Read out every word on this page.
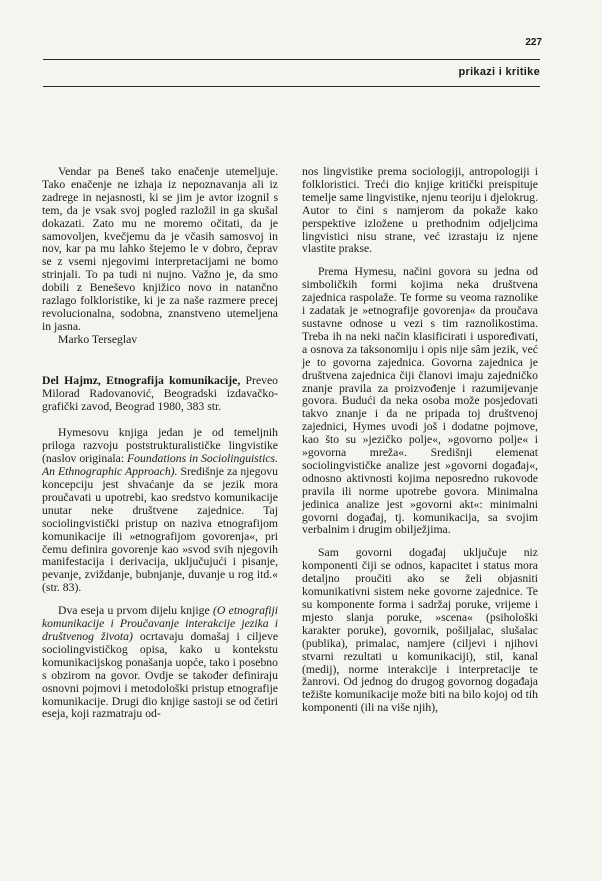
227
prikazi i kritike

Vendar pa Beneš tako enačenje utemeljuje. Tako enačenje ne izhaja iz nepoznavanja ali iz zadrege in nejasnosti, ki se jim je avtor izognil s tem, da je vsak svoj pogled razložil in ga skušal dokazati. Zato mu ne moremo očitati, da je samovoljen, kvečjemu da je včasih samosvoj in nov, kar pa mu lahko štejemo le v dobro, čeprav se z vsemi njegovimi interpretacijami ne bomo strinjali. To pa tudi ni nujno. Važno je, da smo dobili z Beneševo knjižico novo in natančno razlago folkloristike, ki je za naše razmere precej revolucionalna, sodobna, znanstveno utemeljena in jasna.

Marko Terseglav

Del Hajmz, Etnografija komunikacije, Preveo Milorad Radovanović, Beogradski izdavačko-grafički zavod, Beograd 1980, 383 str.

Hymesovu knjiga jedan je od temeljnih priloga razvoju poststrukturalističke lingvistike (naslov originala: Foundations in Sociolinguistics. An Ethnographic Approach). Središnje za njegovu koncepciju jest shvaćanje da se jezik mora proučavati u upotrebi, kao sredstvo komunikacije unutar neke društvene zajednice. Taj sociolingvistički pristup on naziva etnografijom komunikacije ili »etnografijom govorenja«, pri čemu definira govorenje kao »svod svih njegovih manifestacija i derivacija, uključujući i pisanje, pevanje, zviždanje, bubnjanje, duvanje u rog itd.« (str. 83).

Dva eseja u prvom dijelu knjige (O etnografiji komunikacije i Proučavanje interakcije jezika i društvenog života) ocrtavaju domašaj i ciljeve sociolingvističkog opisa, kako u kontekstu komunikacijskog ponašanja uopće, tako i posebno s obzirom na govor. Ovdje se također definiraju osnovni pojmovi i metodološki pristup etnografije komunikacije. Drugi dio knjige sastoji se od četiri eseja, koji razmatraju od-

nos lingvistike prema sociologiji, antropologiji i folkloristici. Treći dio knjige kritički preispituje temelje same lingvistike, njenu teoriju i djelokrug. Autor to čini s namjerom da pokaže kako perspektive izložene u prethodnim odjeljcima lingvistici nisu strane, već izrastaju iz njene vlastite prakse.

Prema Hymesu, načini govora su jedna od simboličkih formi kojima neka društvena zajednica raspolaže. Te forme su veoma raznolike i zadatak je »etnografije govorenja« da proučava sustavne odnose u vezi s tim raznolikostima. Treba ih na neki način klasificirati i uspoređivati, a osnova za taksonomiju i opis nije sâm jezik, već je to govorna zajednica. Govorna zajednica je društvena zajednica čiji članovi imaju zajedničko znanje pravila za proizvođenje i razumijevanje govora. Budući da neka osoba može posjedovati takvo znanje i da ne pripada toj društvenoj zajednici, Hymes uvodi još i dodatne pojmove, kao što su »jezičko polje«, »govorno polje« i »govorna mreža«. Središnji elemenat sociolingvističke analize jest »govorni događaj«, odnosno aktivnosti kojima neposredno rukovode pravila ili norme upotrebe govora. Minimalna jedinica analize jest »govorni akt«: minimalni govorni događaj, tj. komunikacija, sa svojim verbalnim i drugim obilježjima.

Sam govorni događaj uključuje niz komponenti čiji se odnos, kapacitet i status mora detaljno proučiti ako se želi objasniti komunikativni sistem neke govorne zajednice. Te su komponente forma i sadržaj poruke, vrijeme i mjesto slanja poruke, »scena« (psihološki karakter poruke), govornik, pošiljalac, slušalac (publika), primalac, namjere (ciljevi i njihovi stvarni rezultati u komunikaciji), stil, kanal (medij), norme interakcije i interpretacije te žanrovi. Od jednog do drugog govornog događaja težište komunikacije može biti na bilo kojoj od tih komponenti (ili na više njih),
